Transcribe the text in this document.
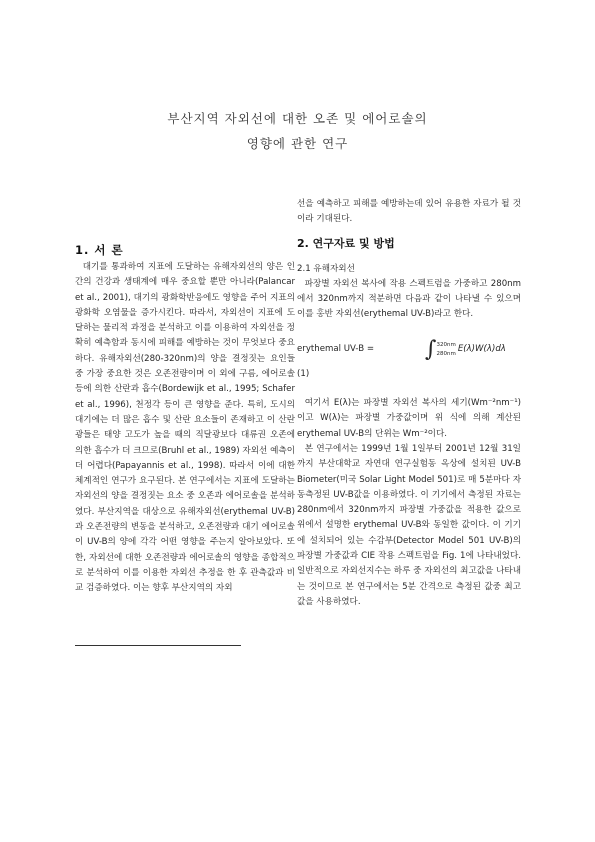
부산지역 자외선에 대한 오존 및 에어로솔의
영향에 관한 연구
1. 서 론

대기를 통과하여 지표에 도달하는 유해자외선의 양은 인간의 건강과 생태계에 매우 중요할 뿐만 아니라(Palancar et al., 2001), 대기의 광화학반응에도 영향을 주어 지표의 광화학 오염물을 증가시킨다. 따라서, 자외선이 지표에 도달하는 물리적 과정을 분석하고 이를 이용하여 자외선을 정확히 예측함과 동시에 피해를 예방하는 것이 무엇보다 중요하다. 유해자외선(280-320nm)의 양을 결정짓는 요인들 중 가장 중요한 것은 오존전량이며 이 외에 구름, 에어로솔 등에 의한 산란과 흡수(Bordewijk et al., 1995; Schafer et al., 1996), 천정각 등이 큰 영향을 준다. 특히, 도시의 대기에는 더 많은 흡수 및 산란 요소들이 존재하고 이 산란광들은 태양 고도가 높을 때의 직달광보다 대류권 오존에 의한 흡수가 더 크므로(Bruhl et al., 1989) 자외선 예측이 더 어렵다(Papayannis et al., 1998). 따라서 이에 대한 체계적인 연구가 요구된다. 본 연구에서는 지표에 도달하는 자외선의 양을 결정짓는 요소 중 오존과 에어로솔을 분석하였다. 부산지역을 대상으로 유해자외선(erythemal UV-B)과 오존전량의 변동을 분석하고, 오존전량과 대기 에어로솔이 UV-B의 양에 각각 어떤 영향을 주는지 알아보았다. 또한, 자외선에 대한 오존전량과 에어로솔의 영향을 종합적으로 분석하여 이를 이용한 자외선 추정을 한 후 관측값과 비교 검증하였다. 이는 향후 부산지역의 자외

선을 예측하고 피해를 예방하는데 있어 유용한 자료가 될 것이라 기대된다.

2. 연구자료 및 방법
2.1 유해자외선

파장별 자외선 복사에 작용 스펙트럼을 가중하고 280nm에서 320nm까지 적분하면 다음과 같이 나타낼 수 있으며 이를 홍반 자외선(erythemal UV-B)라고 한다.

erythemal UV-B =	∫ 320nm
280nm E(λ)W(λ)dλ
(1)

여기서 E(λ)는 파장별 자외선 복사의 세기(Wm⁻²nm⁻¹)이고 W(λ)는 파장별 가중값이며 위 식에 의해 계산된 erythemal UV-B의 단위는 Wm⁻²이다.

본 연구에서는 1999년 1월 1일부터 2001년 12월 31일까지 부산대학교 자연대 연구실험동 옥상에 설치된 UV-B Biometer(미국 Solar Light Model 501)로 매 5분마다 자동측정된 UV-B값을 이용하였다. 이 기기에서 측정된 자료는 280nm에서 320nm까지 파장별 가중값을 적용한 값으로 위에서 설명한 erythemal UV-B와 동일한 값이다. 이 기기에 설치되어 있는 수감부(Detector Model 501 UV-B)의 파장별 가중값과 CIE 작용 스펙트럼을 Fig. 1에 나타내었다. 일반적으로 자외선지수는 하루 중 자외선의 최고값을 나타내는 것이므로 본 연구에서는 5분 간격으로 측정된 값중 최고값을 사용하였다.
